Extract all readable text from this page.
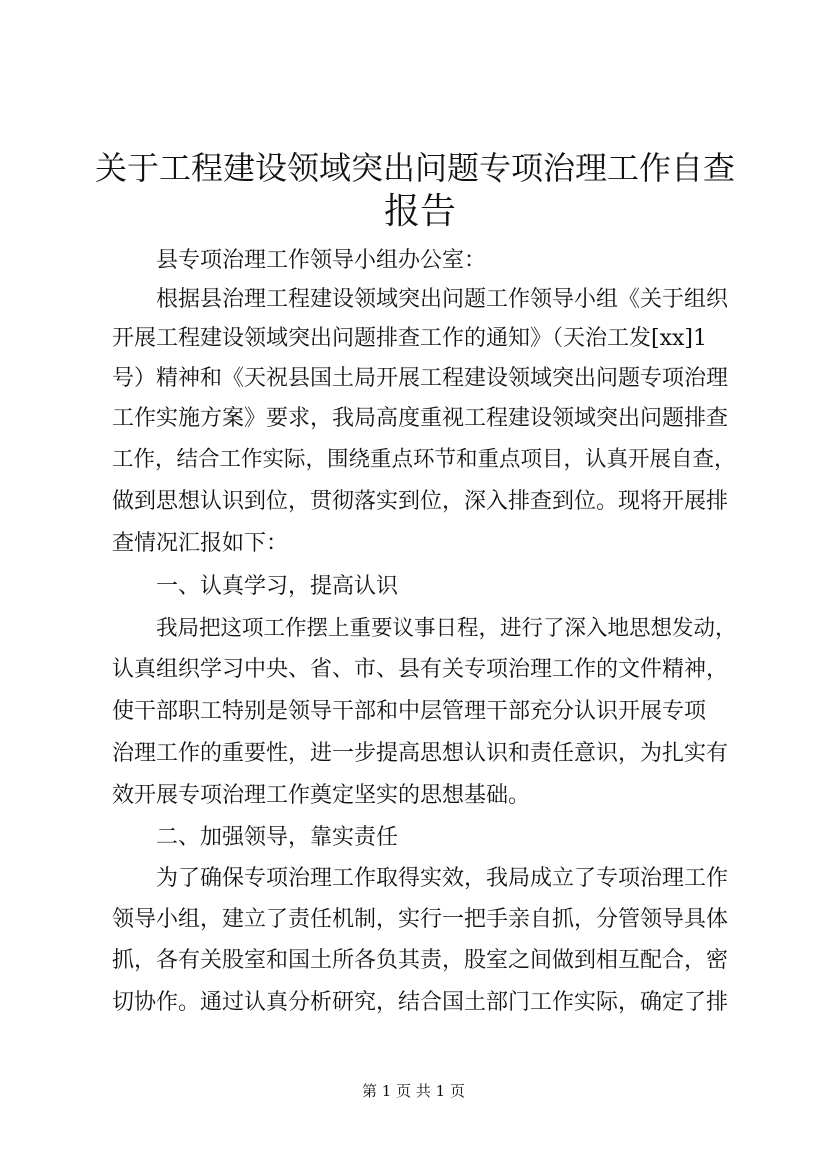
关于工程建设领域突出问题专项治理工作自查
报告

县专项治理工作领导小组办公室：

根据县治理工程建设领域突出问题工作领导小组《关于组织

开展工程建设领域突出问题排查工作的通知》（天治工发[xx]1

号）精神和《天祝县国土局开展工程建设领域突出问题专项治理

工作实施方案》要求，我局高度重视工程建设领域突出问题排查

工作，结合工作实际，围绕重点环节和重点项目，认真开展自查，

做到思想认识到位，贯彻落实到位，深入排查到位。现将开展排

查情况汇报如下：

一、认真学习，提高认识

我局把这项工作摆上重要议事日程，进行了深入地思想发动，

认真组织学习中央、省、市、县有关专项治理工作的文件精神，

使干部职工特别是领导干部和中层管理干部充分认识开展专项

治理工作的重要性，进一步提高思想认识和责任意识，为扎实有

效开展专项治理工作奠定坚实的思想基础。

二、加强领导，靠实责任

为了确保专项治理工作取得实效，我局成立了专项治理工作

领导小组，建立了责任机制，实行一把手亲自抓，分管领导具体

抓，各有关股室和国土所各负其责，股室之间做到相互配合，密

切协作。通过认真分析研究，结合国土部门工作实际，确定了排

第 1 页 共 1 页
